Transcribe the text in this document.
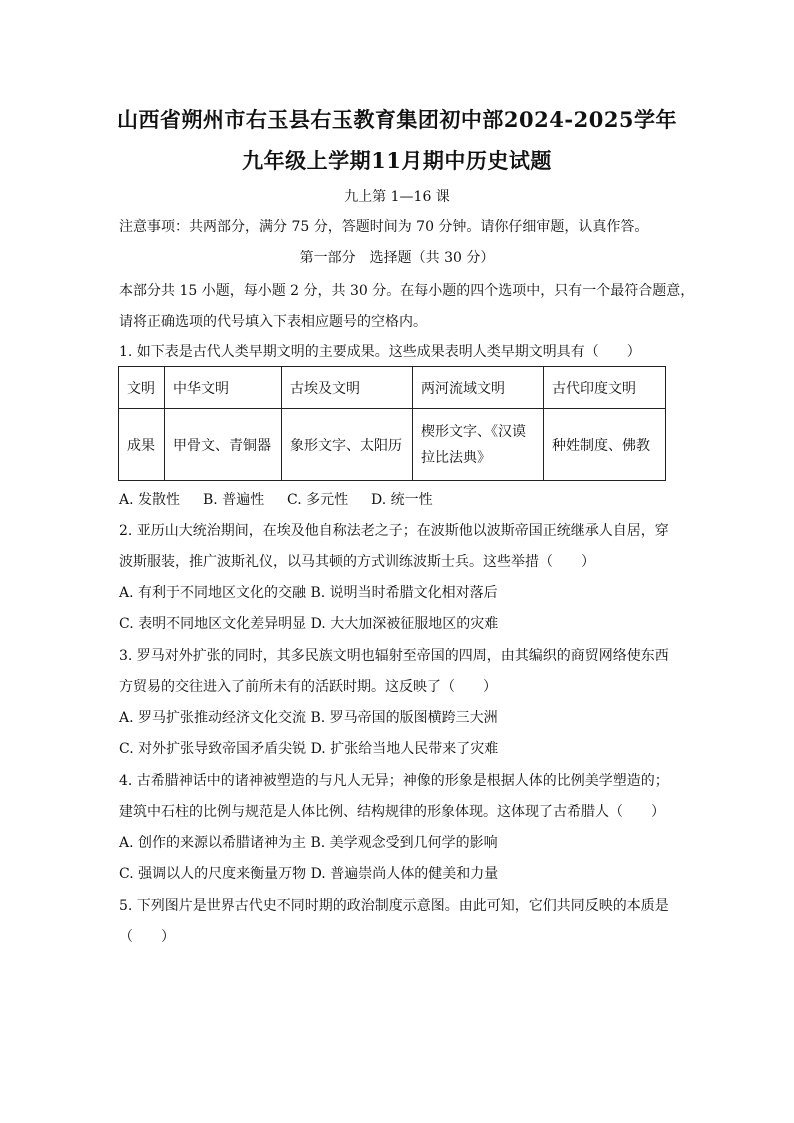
山西省朔州市右玉县右玉教育集团初中部2024-2025学年
九年级上学期11月期中历史试题
九上第 1—16 课
注意事项：共两部分，满分 75 分，答题时间为 70 分钟。请你仔细审题，认真作答。
第一部分　选择题（共 30 分）
本部分共 15 小题，每小题 2 分，共 30 分。在每小题的四个选项中，只有一个最符合题意，
请将正确选项的代号填入下表相应题号的空格内。
1. 如下表是古代人类早期文明的主要成果。这些成果表明人类早期文明具有（　　）
文明	中华文明	古埃及文明	两河流域文明	古代印度文明
成果	甲骨文、青铜器	象形文字、太阳历	楔形文字、《汉谟
拉比法典》	种姓制度、佛教
A. 发散性 B. 普遍性 C. 多元性 D. 统一性
2. 亚历山大统治期间，在埃及他自称法老之子；在波斯他以波斯帝国正统继承人自居，穿
波斯服装，推广波斯礼仪，以马其顿的方式训练波斯士兵。这些举措（　　）
A. 有利于不同地区文化的交融 B. 说明当时希腊文化相对落后
C. 表明不同地区文化差异明显 D. 大大加深被征服地区的灾难
3. 罗马对外扩张的同时，其多民族文明也辐射至帝国的四周，由其编织的商贸网络使东西
方贸易的交往进入了前所未有的活跃时期。这反映了（　　）
A. 罗马扩张推动经济文化交流 B. 罗马帝国的版图横跨三大洲
C. 对外扩张导致帝国矛盾尖锐 D. 扩张给当地人民带来了灾难
4. 古希腊神话中的诸神被塑造的与凡人无异；神像的形象是根据人体的比例美学塑造的；
建筑中石柱的比例与规范是人体比例、结构规律的形象体现。这体现了古希腊人（　　）
A. 创作的来源以希腊诸神为主 B. 美学观念受到几何学的影响
C. 强调以人的尺度来衡量万物 D. 普遍崇尚人体的健美和力量
5. 下列图片是世界古代史不同时期的政治制度示意图。由此可知，它们共同反映的本质是
（　　）
